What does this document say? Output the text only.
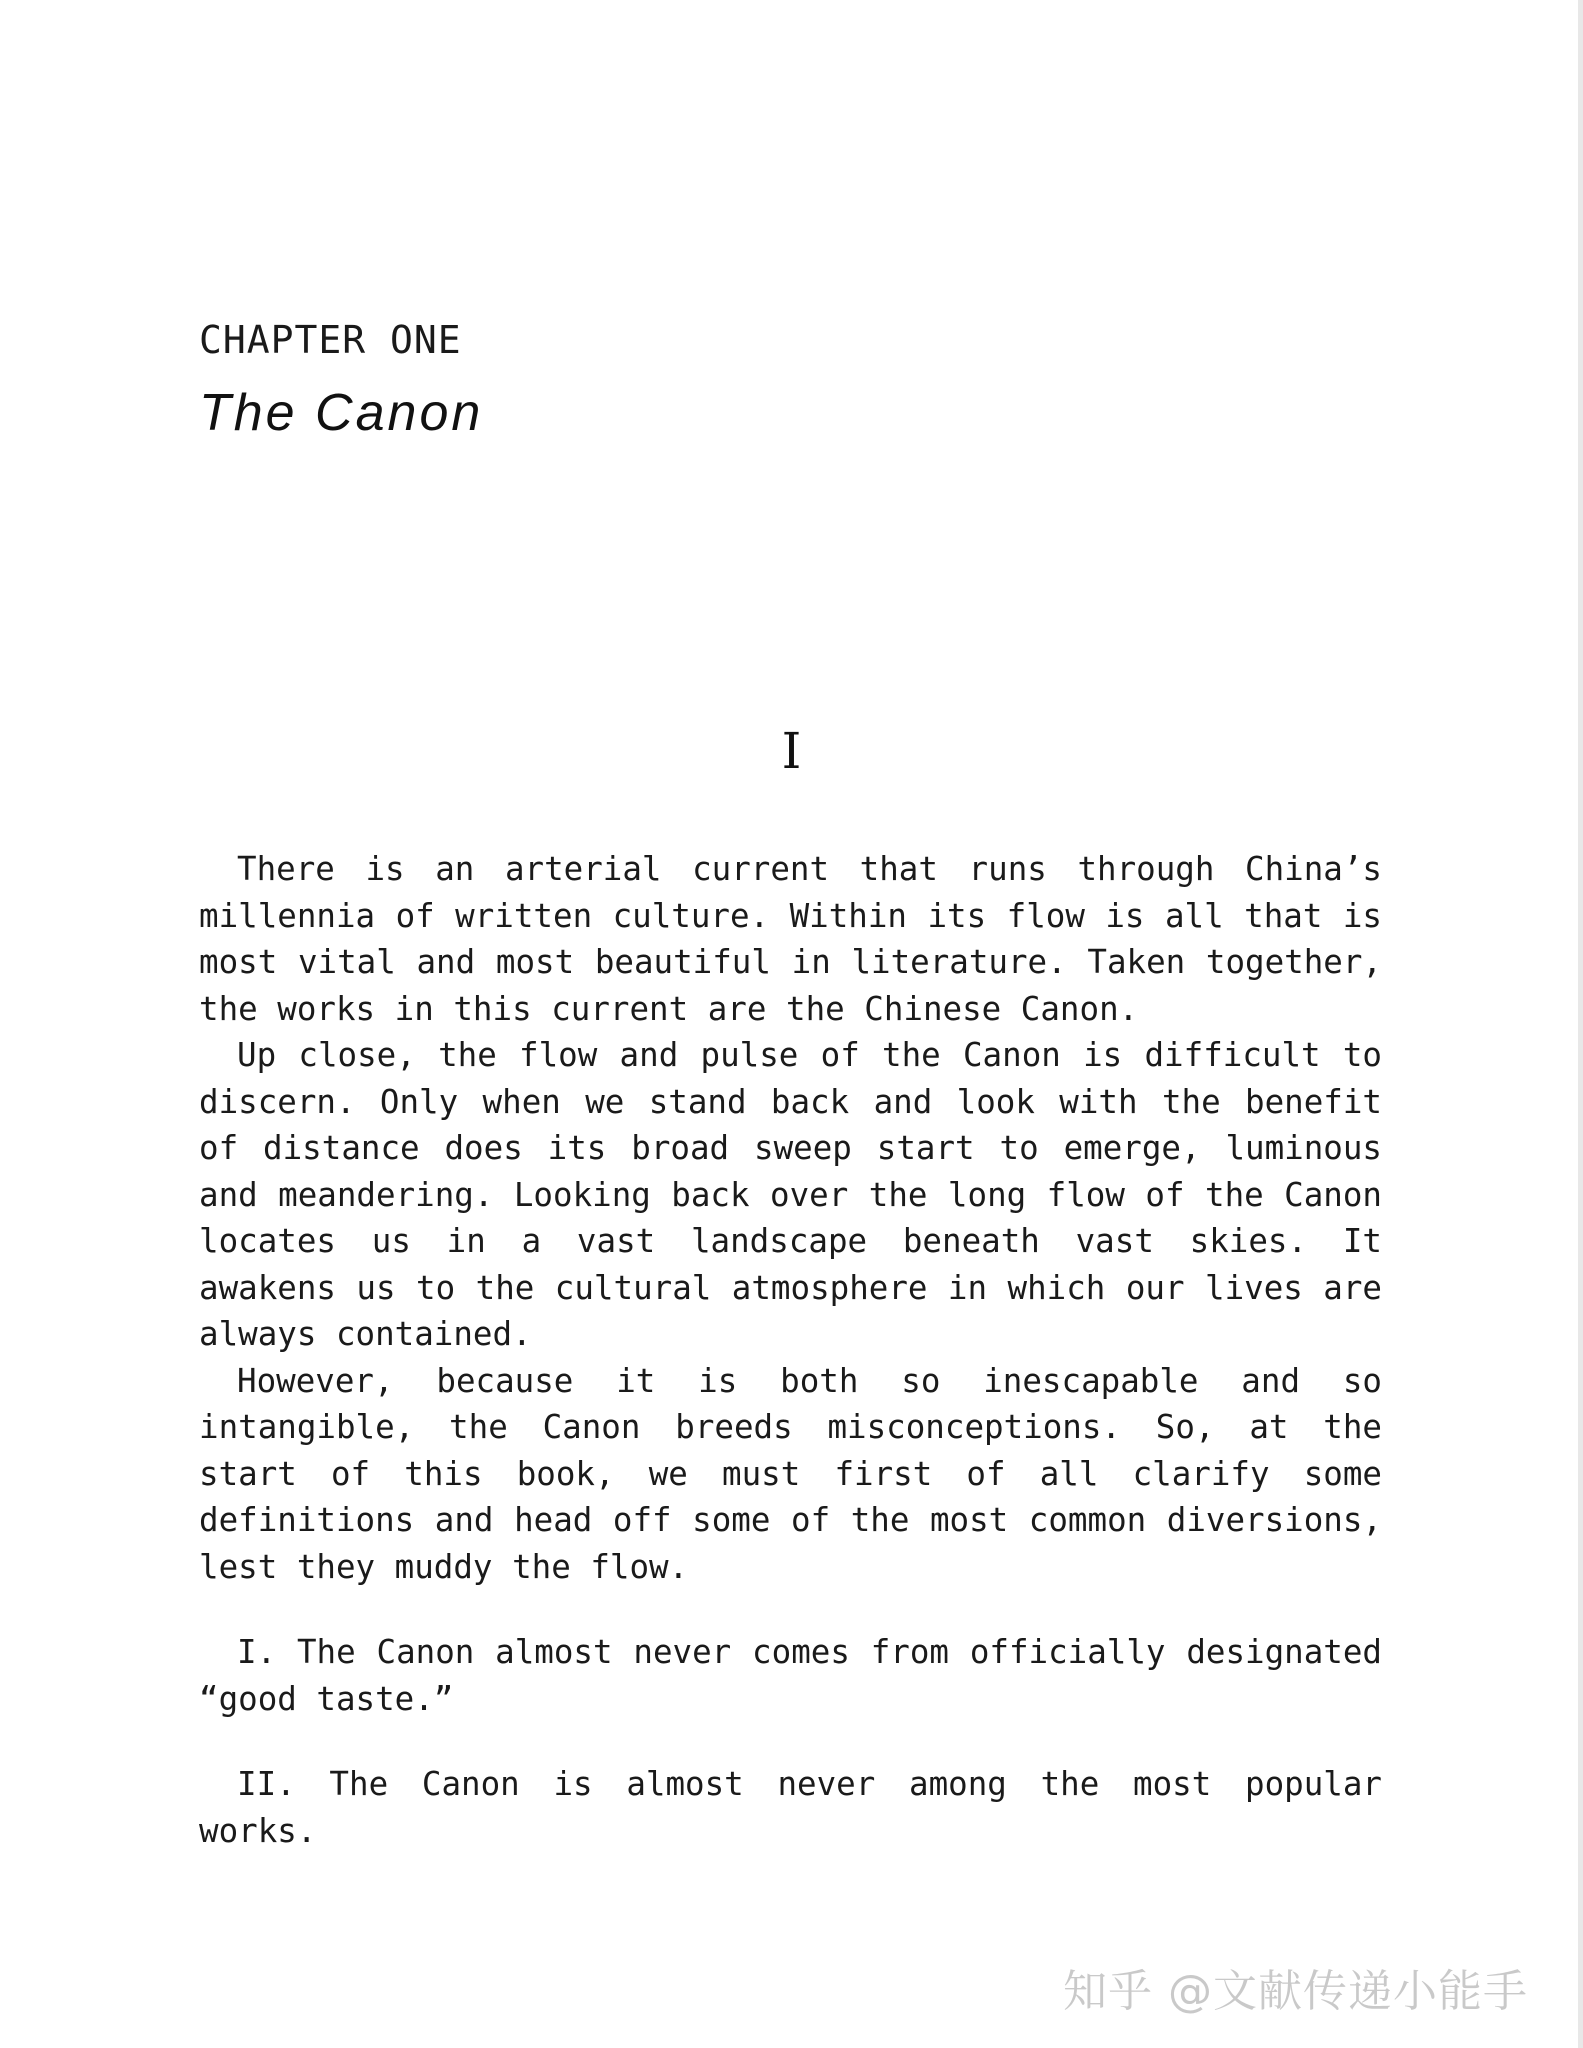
CHAPTER ONE
The Canon
I

There is an arterial current that runs through China’s millennia of written culture. Within its flow is all that is most vital and most beautiful in literature. Taken together, the works in this current are the Chinese Canon.

Up close, the flow and pulse of the Canon is difficult to discern. Only when we stand back and look with the benefit of distance does its broad sweep start to emerge, luminous and meandering. Looking back over the long flow of the Canon locates us in a vast landscape beneath vast skies. It awakens us to the cultural atmosphere in which our lives are always contained.

However, because it is both so inescapable and so intangible, the Canon breeds misconceptions. So, at the start of this book, we must first of all clarify some definitions and head off some of the most common diversions, lest they muddy the flow.

I. The Canon almost never comes from officially designated “good taste.”
II. The Canon is almost never among the most popular works.
知乎 @文献传递小能手
